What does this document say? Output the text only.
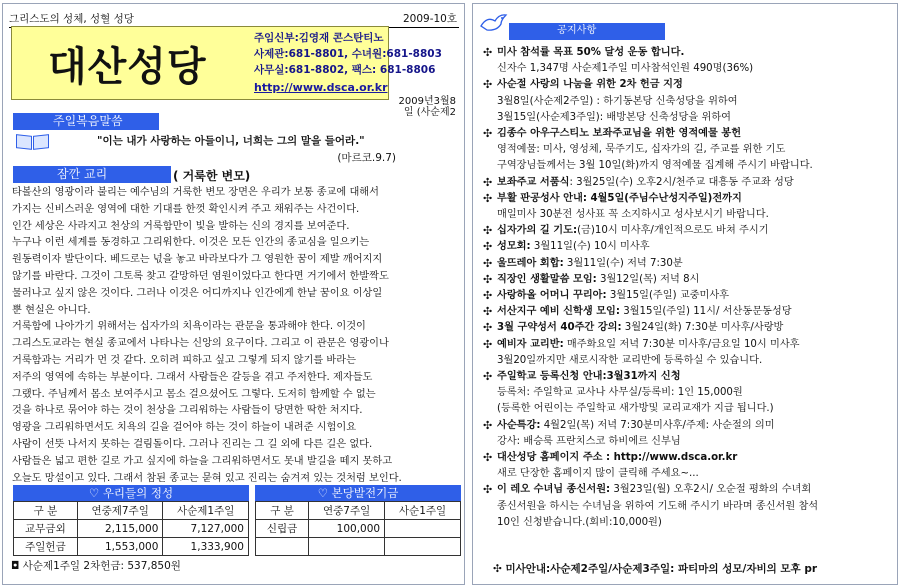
그리스도의 성체, 성혈 성당	2009-10호
대산성당
주임신부:김영재 콘스탄티노
사제관:681-8801, 수녀원:681-8803
사무실:681-8802, 팩스: 681-8806
http://www.dsca.or.kr
2009년3월8
일 (사순제2
주일복음말씀
"이는 내가 사랑하는 아들이니, 너희는 그의 말을 들어라."
(마르코.9.7)
잠깐 교리	( 거룩한 변모)

타볼산의 영광이라 불리는 예수님의 거룩한 변모 장면은 우리가 보통 종교에 대해서

가지는 신비스러운 영역에 대한 기대를 한껏 확인시켜 주고 채워주는 사건이다.

인간 세상은 사라지고 천상의 거룩함만이 빛을 발하는 신의 경지를 보여준다.

누구나 이런 세계를 동경하고 그리워한다. 이것은 모든 인간의 종교심을 일으키는

원동력이자 발단이다. 베드로는 넋을 놓고 바라보다가 그 영원한 꿈이 제발 깨어지지

않기를 바란다. 그것이 그토록 찾고 갈망하던 염원이었다고 한다면 거기에서 한발짝도

물러나고 싶지 않은 것이다. 그러나 이것은 어디까지나 인간에게 한낱 꿈이요 이상일

뿐 현실은 아니다.

거룩함에 나아가기 위해서는 십자가의 치욕이라는 관문을 통과해야 한다. 이것이

그리스도교라는 현실 종교에서 나타나는 신앙의 요구이다. 그리고 이 관문은 영광이나

거룩함과는 거리가 먼 것 같다. 오히려 피하고 싶고 그렇게 되지 않기를 바라는

저주의 영역에 속하는 부분이다. 그래서 사람들은 갈등을 겪고 주저한다. 제자들도

그랬다. 주님께서 몸소 보여주시고 몸소 걸으셨어도 그렇다. 도저히 함께할 수 없는

것을 하나로 묶어야 하는 것이 천상을 그리워하는 사람들이 당면한 딱한 처지다.

영광을 그리워하면서도 치욕의 길을 걸어야 하는 것이 하늘이 내려준 시험이요

사람이 선뜻 나서지 못하는 걸림돌이다. 그러나 진리는 그 길 외에 다른 길은 없다.

사람들은 넓고 편한 길로 가고 싶지에 하늘을 그리워하면서도 못내 발길을 떼지 못하고

오늘도 망설이고 있다. 그래서 참된 종교는 묻혀 있고 진리는 숨겨져 있는 것처럼 보인다.

♡ 우리들의 정성
구 분	연중제7주일	사순제1주일
교무금외	2,115,000	7,127,000
주일헌금	1,553,000	1,333,900
♡ 본당발전기금
구 분	연중7주일	사순1주일
신립금	100,000	

◘ 사순제1주일 2차헌금: 537,850원
공지사항
✣ 미사 참석률 목표 50% 달성 운동 합니다.
신자수 1,347명 사순제1주일 미사참석인원 490명(36%)
✣ 사순절 사랑의 나눔을 위한 2차 헌금 지정
3월8일(사순제2주일) : 하기동본당 신축성당을 위하여
3월15일(사순제3주일): 배방본당 신축성당을 위하여
✣ 김종수 아우구스티노 보좌주교님을 위한 영적예물 봉헌
영적예물: 미사, 영성체, 묵주기도, 십자가의 길, 주교를 위한 기도
구역장님들께서는 3월 10일(화)까지 영적예물 집계해 주시기 바랍니다.
✣ 보좌주교 서품식: 3월25일(수) 오후2시/천주교 대흥동 주교좌 성당
✣ 부활 판공성사 안내: 4월5일(주님수난성지주일)전까지
매일미사 30분전 성사표 꼭 소지하시고 성사보시기 바랍니다.
✣ 십자가의 길 기도:(금)10시 미사후/개인적으로도 바쳐 주시기
✣ 성모회: 3월11일(수) 10시 미사후
✣ 울뜨레아 회합: 3월11일(수) 저녁 7:30분
✣ 직장인 생활말씀 모임: 3월12일(목) 저녁 8시
✣ 사랑하올 어머니 꾸리아: 3월15일(주일) 교중미사후
✣ 서산지구 예비 신학생 모임: 3월15일(주일) 11시/ 서산동문동성당
✣ 3월 구약성서 40주간 강의: 3월24일(화) 7:30분 미사후/사랑방
✣ 예비자 교리반: 매주화요일 저녁 7:30분 미사후/금요일 10시 미사후
3월20일까지만 새로시작한 교리반에 등록하실 수 있습니다.
✣ 주일학교 등록신청 안내:3월31까지 신청
등록처: 주일학교 교사나 사무실/등록비: 1인 15,000원
(등록한 어린이는 주일학교 새가방및 교리교재가 지급 됩니다.)
✣ 사순특강: 4월2일(목) 저녁 7:30분미사후/주제: 사순절의 의미
강사: 배승룩 프란치스코 하비에르 신부님
✣ 대산성당 홈페이지 주소 : http://www.dsca.or.kr
새로 단장한 홈페이지 많이 클릭해 주세요~...
✣ 이 레오 수녀님 종신서원: 3월23일(월) 오후2시/ 오순절 평화의 수녀회
종신서원을 하시는 수녀님을 위하여 기도해 주시기 바라며 종신서원 참석
10인 신청받습니다.(회비:10,000원)
✣ 미사안내:사순제2주일/사순제3주일: 파티마의 성모/자비의 모후 pr
